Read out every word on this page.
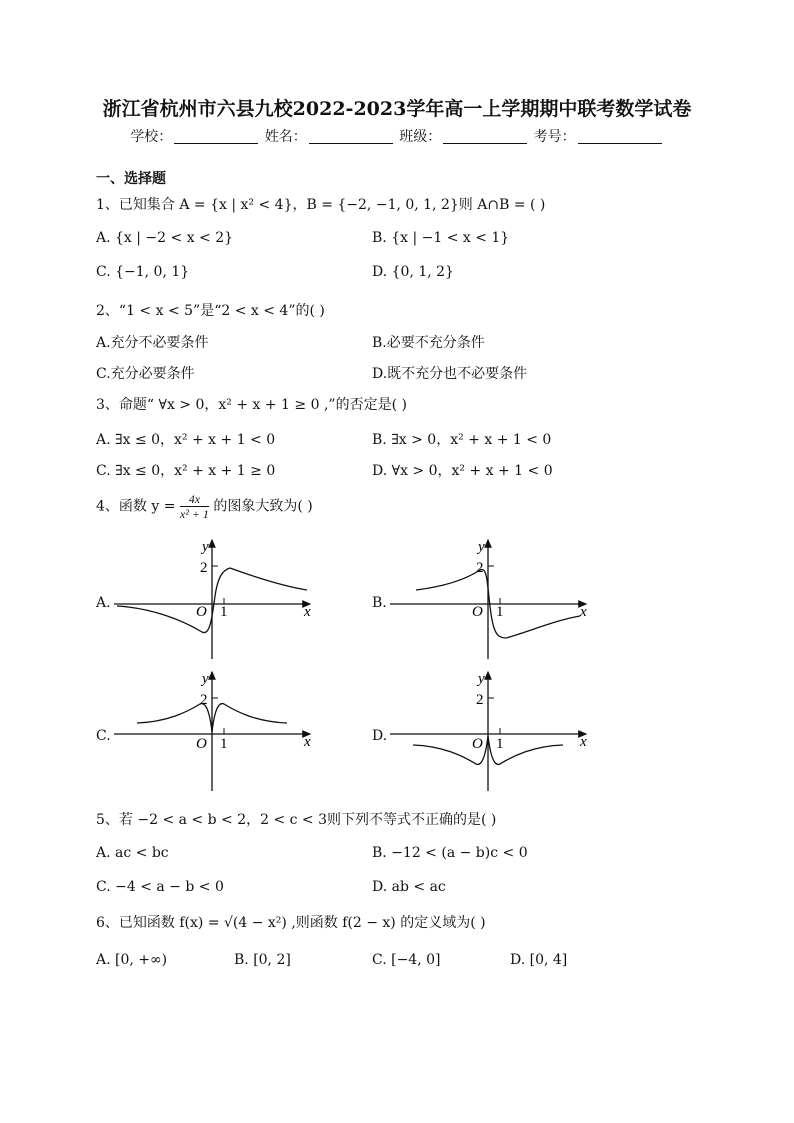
浙江省杭州市六县九校2022-2023学年高一上学期期中联考数学试卷
学校：	姓名：	班级：	考号：
一、选择题
1、已知集合 A = {x | x² < 4}，B = {−2, −1, 0, 1, 2}则 A∩B = ( )
A. {x | −2 < x < 2}	B. {x | −1 < x < 1}
C. {−1, 0, 1}	D. {0, 1, 2}
2、“1 < x < 5”是“2 < x < 4”的( )
A.充分不必要条件	B.必要不充分条件
C.充分必要条件	D.既不充分也不必要条件
3、命题“ ∀x > 0，x² + x + 1 ≥ 0 ,”的否定是( )
A. ∃x ≤ 0，x² + x + 1 < 0	B. ∃x > 0，x² + x + 1 < 0
C. ∃x ≤ 0，x² + x + 1 ≥ 0	D. ∀x > 0，x² + x + 1 < 0
4、函数 $y = \frac{4x}{\text{x² + 1}}$ 的图象大致为( )
A.	B.
C.	D.
y
2
O 1	x
y
2
O 1	x
y
2
O 1	x
y
2
O 1	x
5、若 −2 < a < b < 2，2 < c < 3则下列不等式不正确的是( )
A. ac < bc	B. −12 < (a − b)c < 0
C. −4 < a − b < 0	D. ab < ac
6、已知函数 f(x) = √(4 − x²) ,则函数 f(2 − x) 的定义域为( )
A. [0, +∞)	B. [0, 2]	C. [−4, 0]	D. [0, 4]
